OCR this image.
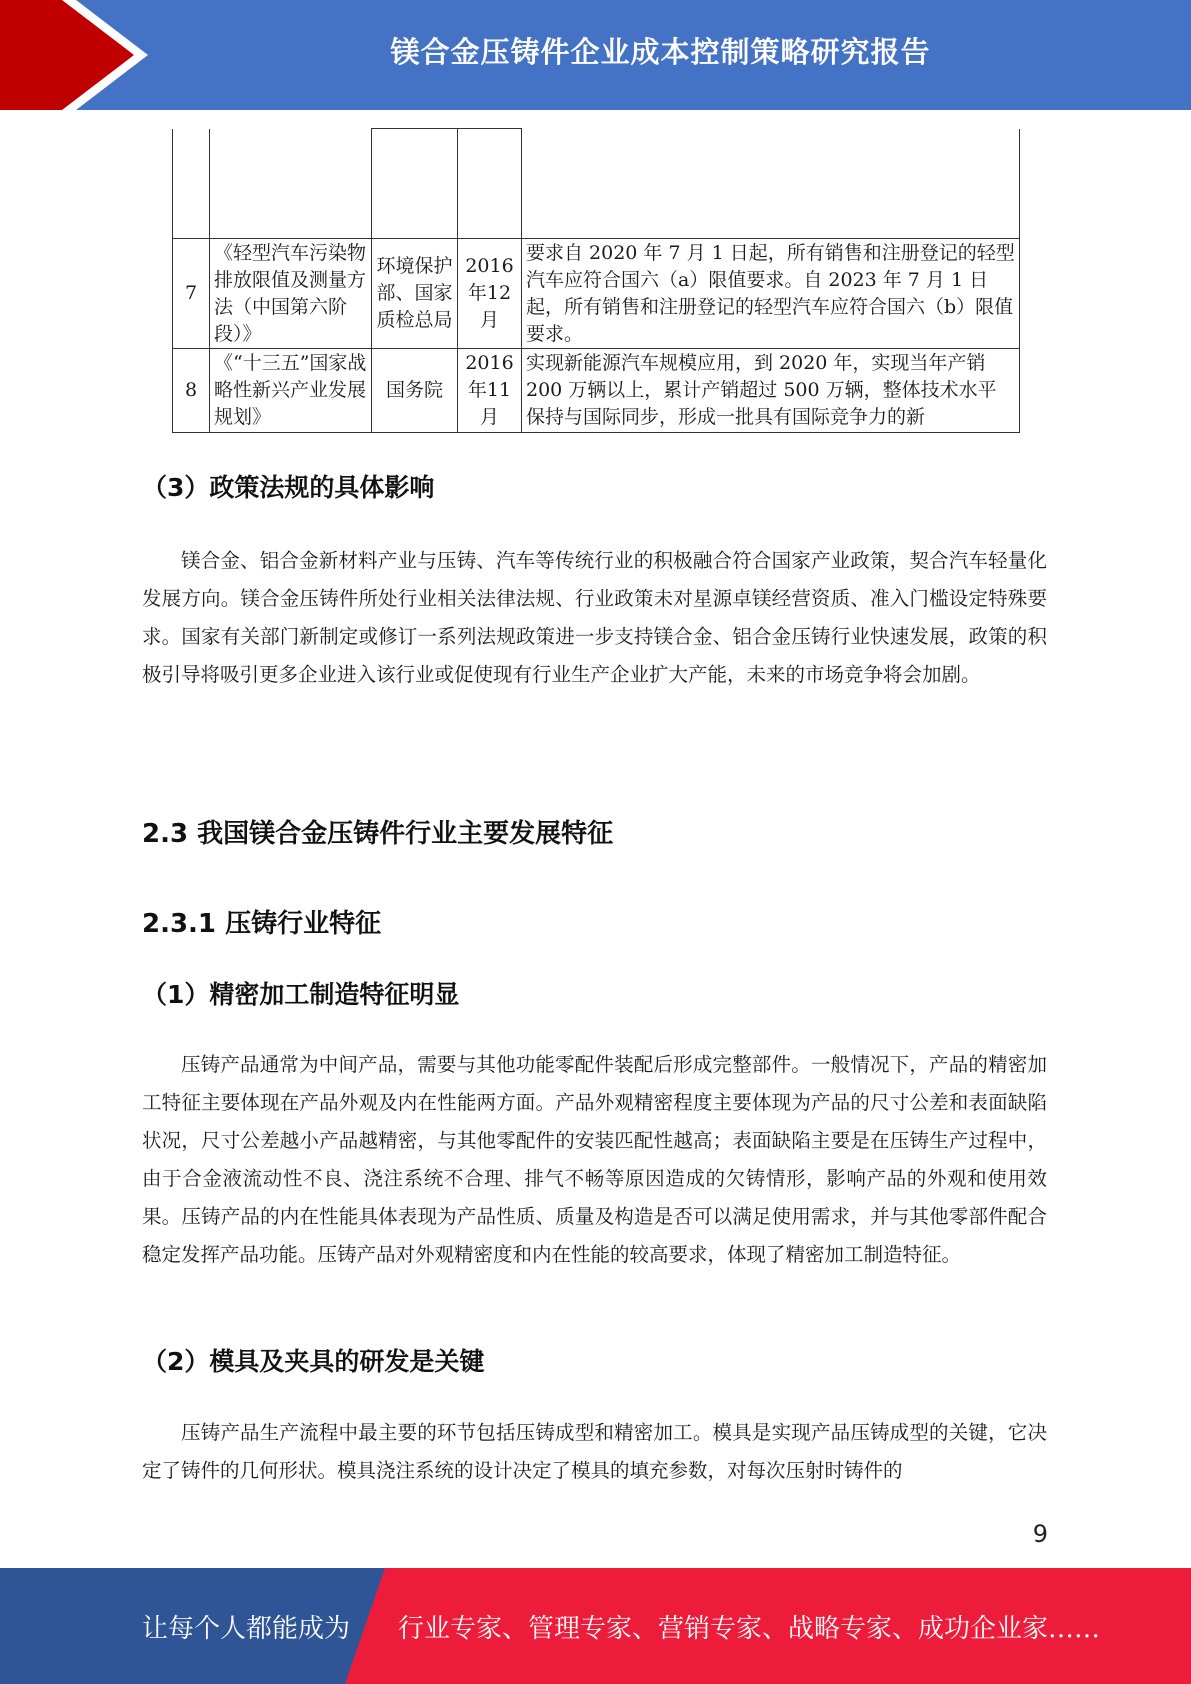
镁合金压铸件企业成本控制策略研究报告

7	《轻型汽车污染物排放限值及测量方法（中国第六阶段）》	环境保护部、国家质检总局	2016年12月	要求自 2020 年 7 月 1 日起，所有销售和注册登记的轻型汽车应符合国六（a）限值要求。自 2023 年 7 月 1 日起，所有销售和注册登记的轻型汽车应符合国六（b）限值要求。
8	《“十三五”国家战略性新兴产业发展规划》	国务院	2016年11月	实现新能源汽车规模应用，到 2020 年，实现当年产销 200 万辆以上，累计产销超过 500 万辆，整体技术水平保持与国际同步，形成一批具有国际竞争力的新
（3）政策法规的具体影响

镁合金、铝合金新材料产业与压铸、汽车等传统行业的积极融合符合国家产业政策，契合汽车轻量化发展方向。镁合金压铸件所处行业相关法律法规、行业政策未对星源卓镁经营资质、准入门槛设定特殊要求。国家有关部门新制定或修订一系列法规政策进一步支持镁合金、铝合金压铸行业快速发展，政策的积极引导将吸引更多企业进入该行业或促使现有行业生产企业扩大产能，未来的市场竞争将会加剧。

2.3 我国镁合金压铸件行业主要发展特征
2.3.1 压铸行业特征
（1）精密加工制造特征明显

压铸产品通常为中间产品，需要与其他功能零配件装配后形成完整部件。一般情况下，产品的精密加工特征主要体现在产品外观及内在性能两方面。产品外观精密程度主要体现为产品的尺寸公差和表面缺陷状况，尺寸公差越小产品越精密，与其他零配件的安装匹配性越高；表面缺陷主要是在压铸生产过程中，由于合金液流动性不良、浇注系统不合理、排气不畅等原因造成的欠铸情形，影响产品的外观和使用效果。压铸产品的内在性能具体表现为产品性质、质量及构造是否可以满足使用需求，并与其他零部件配合稳定发挥产品功能。压铸产品对外观精密度和内在性能的较高要求，体现了精密加工制造特征。

（2）模具及夹具的研发是关键

压铸产品生产流程中最主要的环节包括压铸成型和精密加工。模具是实现产品压铸成型的关键，它决定了铸件的几何形状。模具浇注系统的设计决定了模具的填充参数，对每次压射时铸件的

9
让每个人都能成为 行业专家、管理专家、营销专家、战略专家、成功企业家……
